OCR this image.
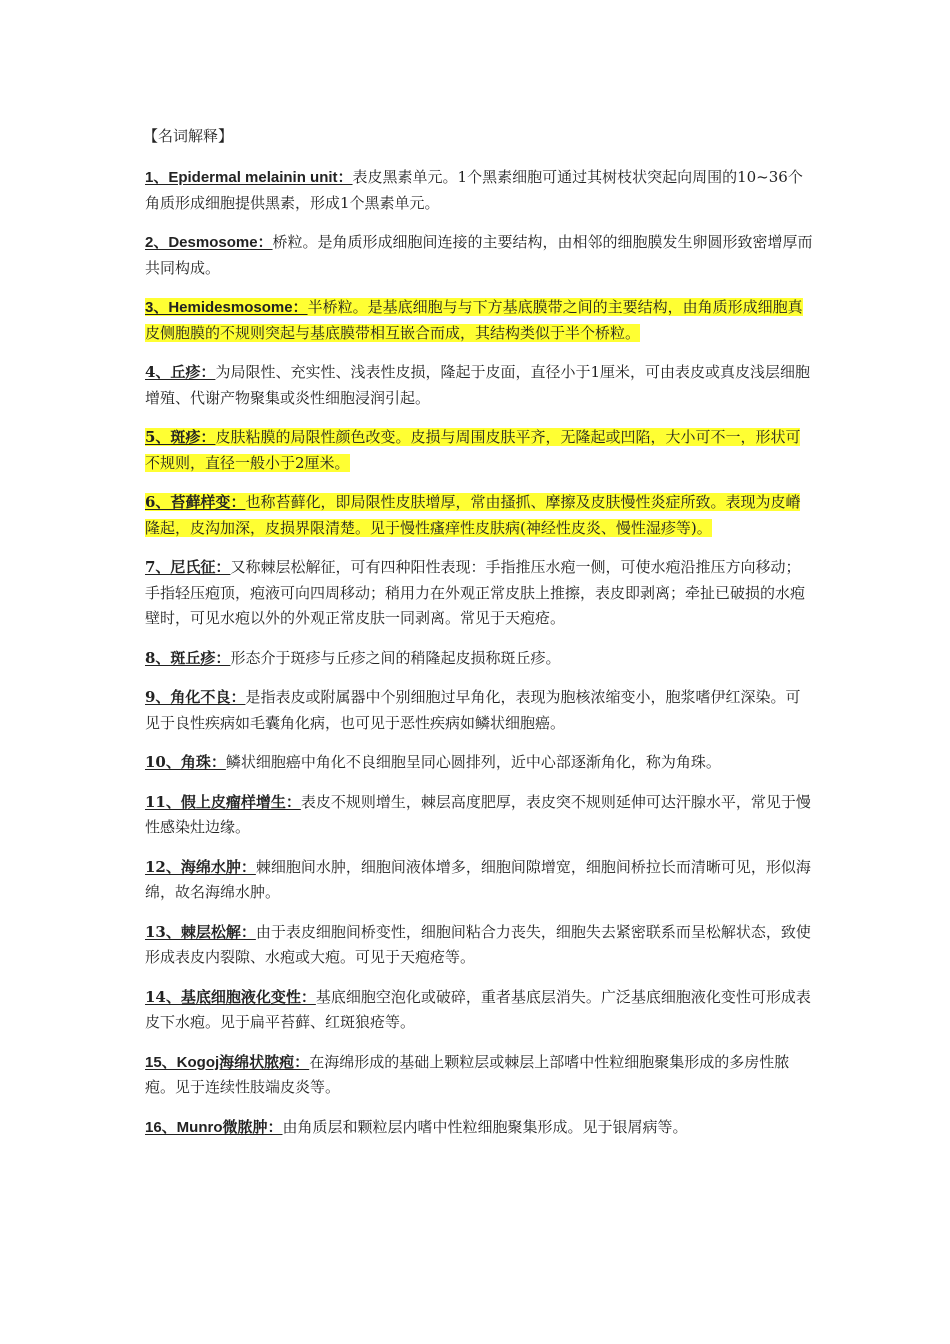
【名词解释】

1、Epidermal melainin unit：表皮黑素单元。1个黑素细胞可通过其树枝状突起向周围的10~36个角质形成细胞提供黑素，形成1个黑素单元。

2、Desmosome：桥粒。是角质形成细胞间连接的主要结构，由相邻的细胞膜发生卵圆形致密增厚而共同构成。

3、Hemidesmosome：半桥粒。是基底细胞与与下方基底膜带之间的主要结构，由角质形成细胞真皮侧胞膜的不规则突起与基底膜带相互嵌合而成，其结构类似于半个桥粒。

4、丘疹：为局限性、充实性、浅表性皮损，隆起于皮面，直径小于1厘米，可由表皮或真皮浅层细胞增殖、代谢产物聚集或炎性细胞浸润引起。

5、斑疹：皮肤粘膜的局限性颜色改变。皮损与周围皮肤平齐，无隆起或凹陷，大小可不一，形状可不规则，直径一般小于2厘米。

6、苔藓样变：也称苔藓化，即局限性皮肤增厚，常由搔抓、摩擦及皮肤慢性炎症所致。表现为皮嵴隆起，皮沟加深，皮损界限清楚。见于慢性瘙痒性皮肤病(神经性皮炎、慢性湿疹等)。

7、尼氏征：又称棘层松解征，可有四种阳性表现：手指推压水疱一侧，可使水疱沿推压方向移动；手指轻压疱顶，疱液可向四周移动；稍用力在外观正常皮肤上推擦，表皮即剥离；牵扯已破损的水疱壁时，可见水疱以外的外观正常皮肤一同剥离。常见于天疱疮。

8、斑丘疹：形态介于斑疹与丘疹之间的稍隆起皮损称斑丘疹。

9、角化不良：是指表皮或附属器中个别细胞过早角化，表现为胞核浓缩变小，胞浆嗜伊红深染。可见于良性疾病如毛囊角化病，也可见于恶性疾病如鳞状细胞癌。

10、角珠：鳞状细胞癌中角化不良细胞呈同心圆排列，近中心部逐渐角化，称为角珠。

11、假上皮瘤样增生：表皮不规则增生，棘层高度肥厚，表皮突不规则延伸可达汗腺水平，常见于慢性感染灶边缘。

12、海绵水肿：棘细胞间水肿，细胞间液体增多，细胞间隙增宽，细胞间桥拉长而清晰可见，形似海绵，故名海绵水肿。

13、棘层松解：由于表皮细胞间桥变性，细胞间粘合力丧失，细胞失去紧密联系而呈松解状态，致使形成表皮内裂隙、水疱或大疱。可见于天疱疮等。

14、基底细胞液化变性：基底细胞空泡化或破碎，重者基底层消失。广泛基底细胞液化变性可形成表皮下水疱。见于扁平苔藓、红斑狼疮等。

15、Kogoj海绵状脓疱：在海绵形成的基础上颗粒层或棘层上部嗜中性粒细胞聚集形成的多房性脓疱。见于连续性肢端皮炎等。

16、Munro微脓肿：由角质层和颗粒层内嗜中性粒细胞聚集形成。见于银屑病等。
